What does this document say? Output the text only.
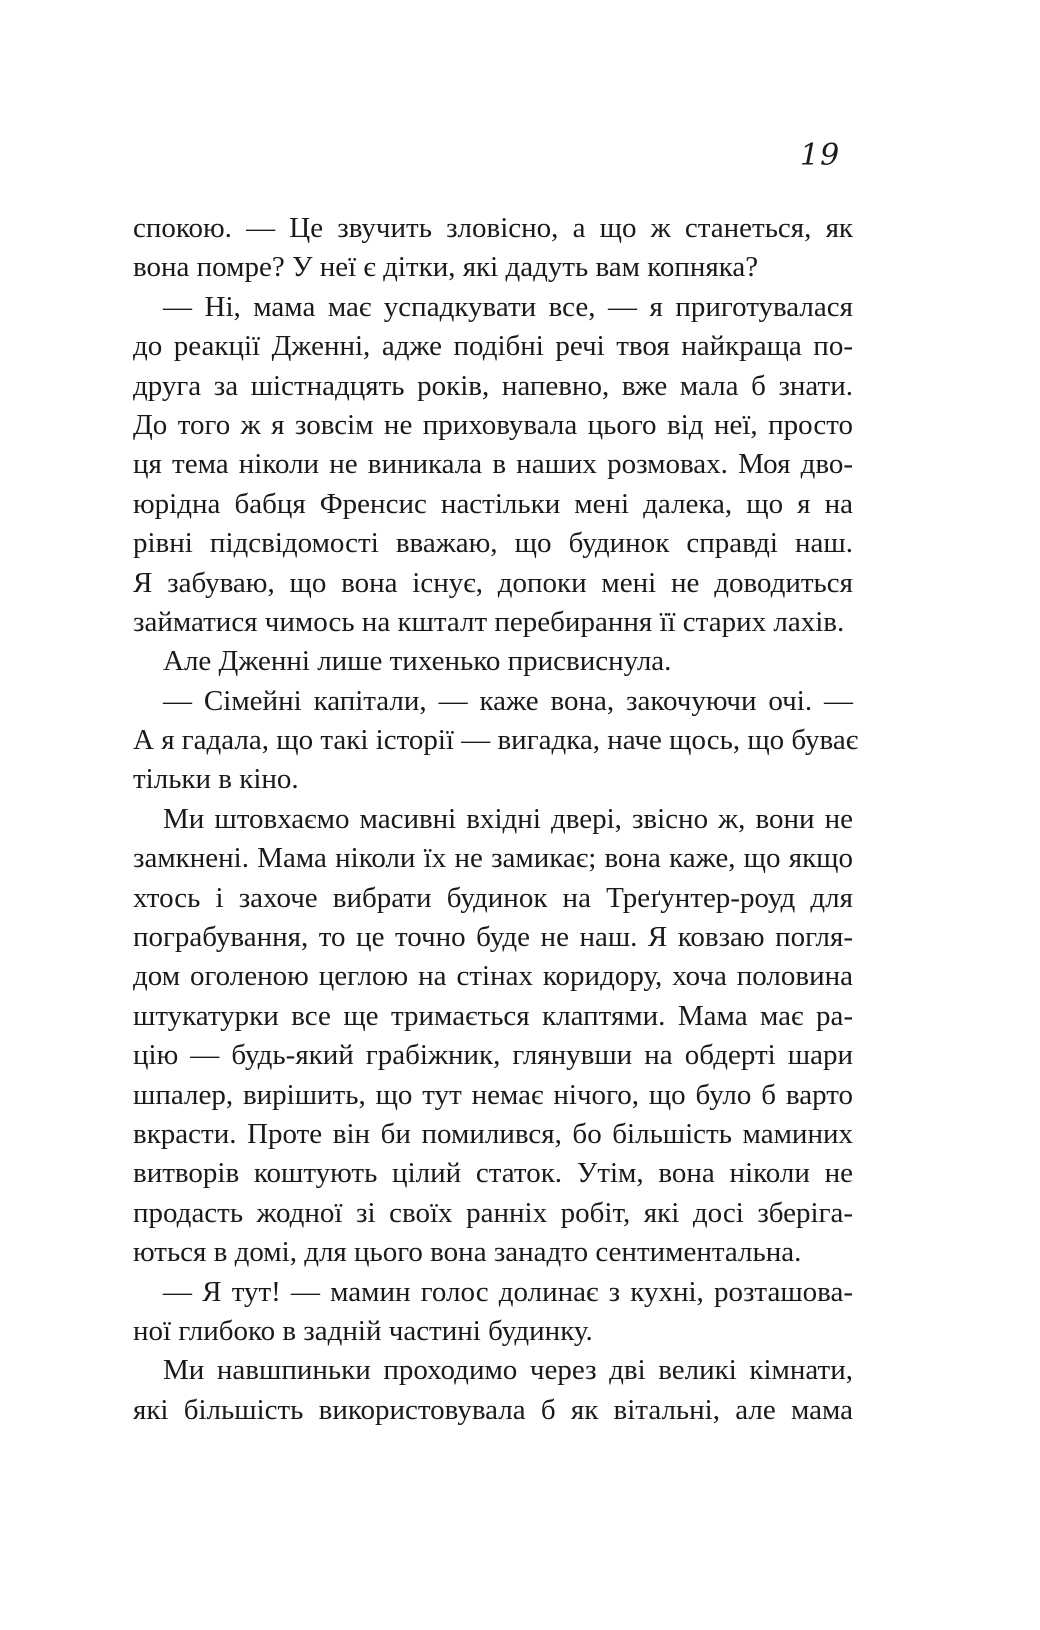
19
спокою. — Це звучить зловісно, а що ж станеться, як
вона помре? У неї є дітки, які дадуть вам копняка?
— Ні, мама має успадкувати все, — я приготувалася
до реакції Дженні, адже подібні речі твоя найкраща по-
друга за шістнадцять років, напевно, вже мала б знати.
До того ж я зовсім не приховувала цього від неї, просто
ця тема ніколи не виникала в наших розмовах. Моя дво-
юрідна бабця Френсис настільки мені далека, що я на
рівні підсвідомості вважаю, що будинок справді наш.
Я забуваю, що вона існує, допоки мені не доводиться
займатися чимось на кшталт перебирання її старих лахів.
Але Дженні лише тихенько присвиснула.
— Сімейні капітали, — каже вона, закочуючи очі. —
А я гадала, що такі історії — вигадка, наче щось, що буває
тільки в кіно.
Ми штовхаємо масивні вхідні двері, звісно ж, вони не
замкнені. Мама ніколи їх не замикає; вона каже, що якщо
хтось і захоче вибрати будинок на Треґунтер-роуд для
пограбування, то це точно буде не наш. Я ковзаю погля-
дом оголеною цеглою на стінах коридору, хоча половина
штукатурки все ще тримається клаптями. Мама має ра-
цію — будь-який грабіжник, глянувши на обдерті шари
шпалер, вирішить, що тут немає нічого, що було б варто
вкрасти. Проте він би помилився, бо більшість маминих
витворів коштують цілий статок. Утім, вона ніколи не
продасть жодної зі своїх ранніх робіт, які досі зберіга-
ються в домі, для цього вона занадто сентиментальна.
— Я тут! — мамин голос долинає з кухні, розташова-
ної глибоко в задній частині будинку.
Ми навшпиньки проходимо через дві великі кімнати,
які більшість використовувала б як вітальні, але мама
